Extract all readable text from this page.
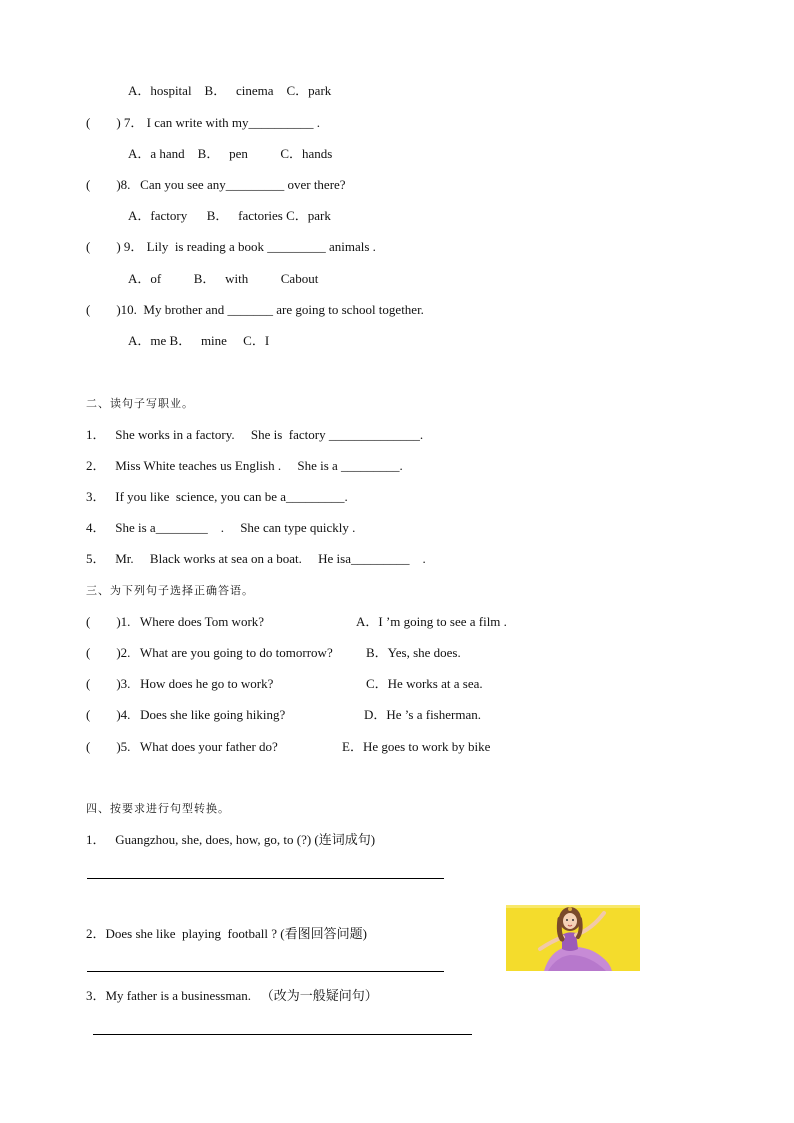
A．hospital    B．   cinema    C．park
(        ) 7． I can write with my__________ .
A．a hand    B．   pen          C．hands
(        )8.   Can you see any_________ over there?
A．factory      B．   factories C．park
(        ) 9． Lily  is reading a book _________ animals .
A．of          B．   with          Cabout
(        )10.  My brother and _______ are going to school together.
A．me B．   mine     C．I
二、读句子写职业。
1．   She works in a factory.     She is  factory ______________.
2．   Miss White teaches us English .     She is a _________.
3．   If you like  science, you can be a_________.
4．   She is a________    .     She can type quickly .
5．   Mr.     Black works at sea on a boat.     He isa_________    .
三、为下列句子选择正确答语。
(        )1.   Where does Tom work?	A．I ’m going to see a film .
(        )2.   What are you going to do tomorrow?	B．Yes, she does.
(        )3.   How does he go to work?	C．He works at a sea.
(        )4.   Does she like going hiking?	D．He ’s a fisherman.
(        )5.   What does your father do?	E．He goes to work by bike
四、按要求进行句型转换。
1．   Guangzhou, she, does, how, go, to (?) (连词成句)
2．Does she like  playing  football ? (看图回答问题)
3．My father is a businessman.   （改为一般疑问句）
